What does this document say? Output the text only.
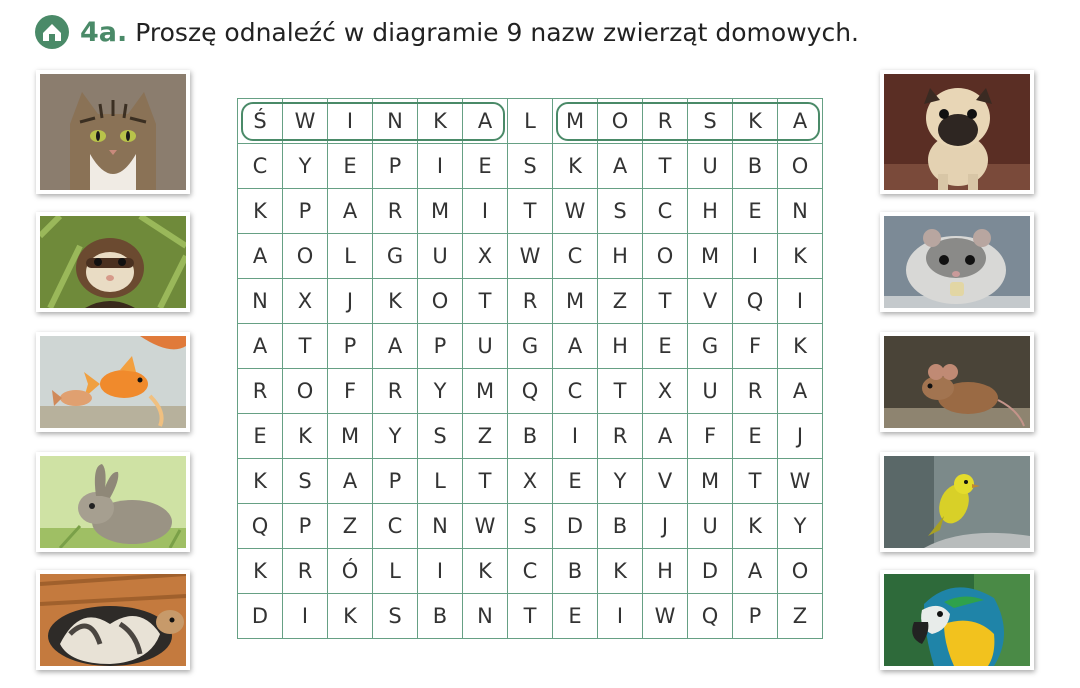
4a. Proszę odnaleźć w diagramie 9 nazw zwierząt domowych.
Ś	W	I	N	K	A	L	M	O	R	S	K	A
C	Y	E	P	I	E	S	K	A	T	U	B	O
K	P	A	R	M	I	T	W	S	C	H	E	N
A	O	L	G	U	X	W	C	H	O	M	I	K
N	X	J	K	O	T	R	M	Z	T	V	Q	I
A	T	P	A	P	U	G	A	H	E	G	F	K
R	O	F	R	Y	M	Q	C	T	X	U	R	A
E	K	M	Y	S	Z	B	I	R	A	F	E	J
K	S	A	P	L	T	X	E	Y	V	M	T	W
Q	P	Z	C	N	W	S	D	B	J	U	K	Y
K	R	Ó	L	I	K	C	B	K	H	D	A	O
D	I	K	S	B	N	T	E	I	W	Q	P	Z
